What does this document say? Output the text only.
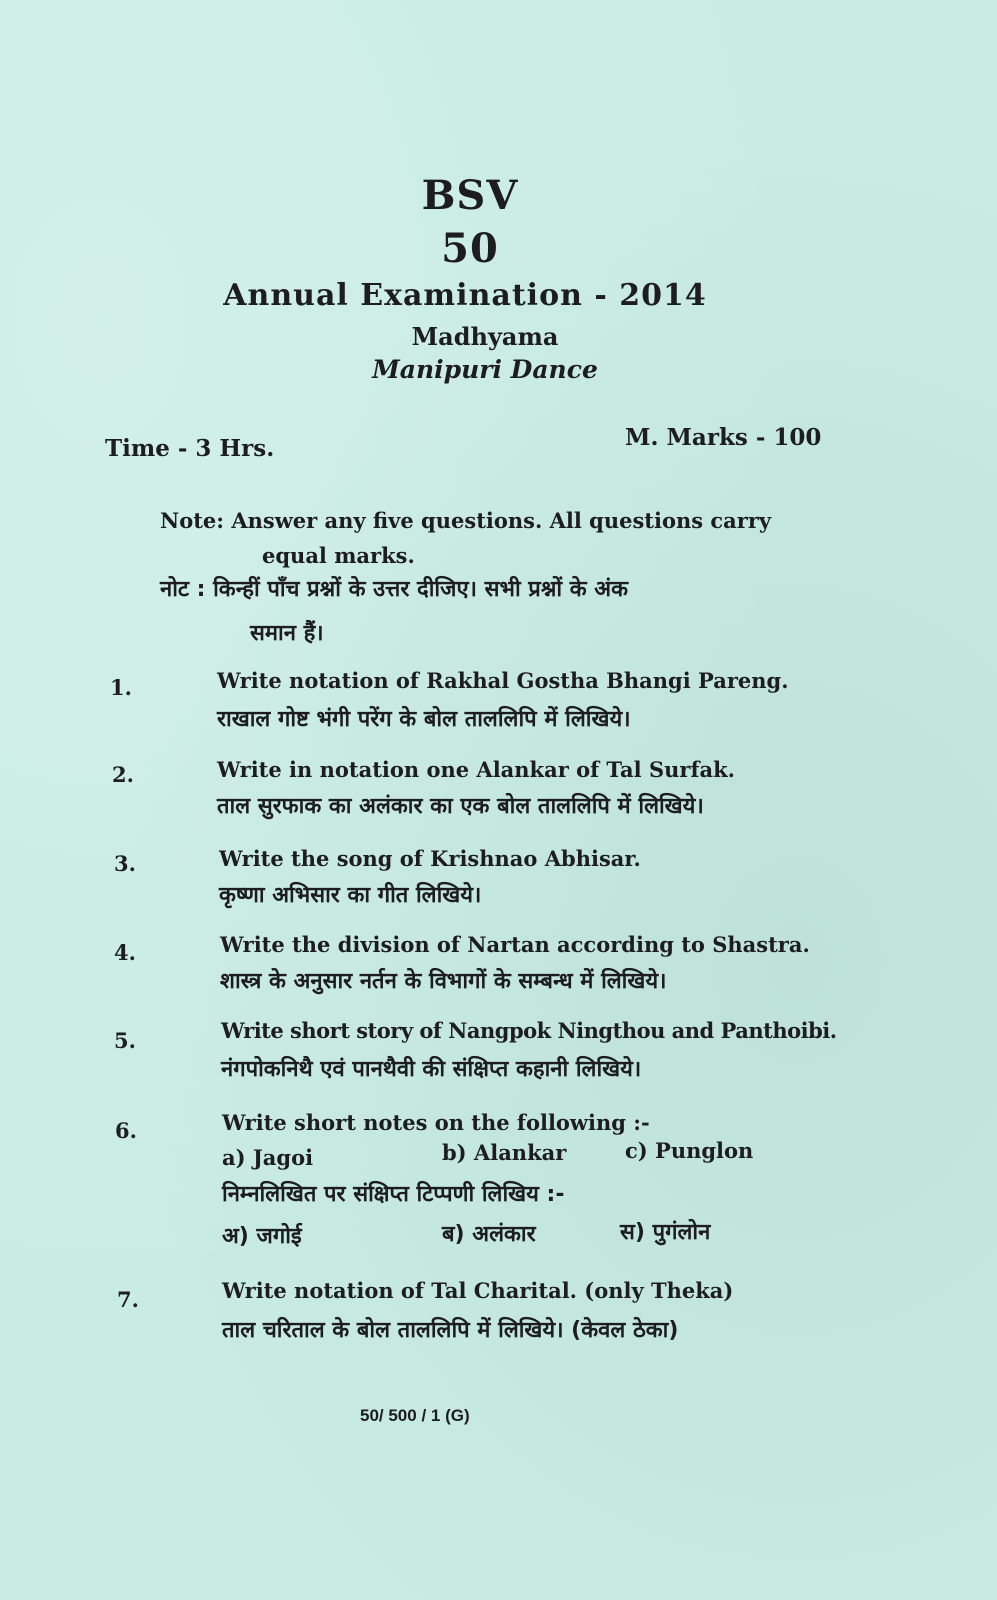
BSV
50
Annual Examination - 2014
Madhyama
Manipuri Dance
Time - 3 Hrs.	M. Marks - 100
Note: Answer any five questions. All questions carry
equal marks.
नोट : किन्हीं पाँच प्रश्नों के उत्तर दीजिए। सभी प्रश्नों के अंक
समान हैं।
1.	Write notation of Rakhal Gostha Bhangi Pareng.
राखाल गोष्ट भंगी परेंग के बोल ताललिपि में लिखिये।
2.	Write in notation one Alankar of Tal Surfak.
ताल सुरफाक का अलंकार का एक बोल ताललिपि में लिखिये।
3.	Write the song of Krishnao Abhisar.
कृष्णा अभिसार का गीत लिखिये।
4.	Write the division of Nartan according to Shastra.
शास्त्र के अनुसार नर्तन के विभागों के सम्बन्ध में लिखिये।
5.	Write short story of Nangpok Ningthou and Panthoibi.
नंगपोकनिथै एवं पानथैवी की संक्षिप्त कहानी लिखिये।
6.	Write short notes on the following :-
a) Jagoi	b) Alankar	c) Punglon
निम्नलिखित पर संक्षिप्त टिप्पणी लिखिय :-
अ) जगोई	ब) अलंकार	स) पुगंलोन
7.	Write notation of Tal Charital. (only Theka)
ताल चरिताल के बोल ताललिपि में लिखिये। (केवल ठेका)
50/ 500 / 1 (G)
